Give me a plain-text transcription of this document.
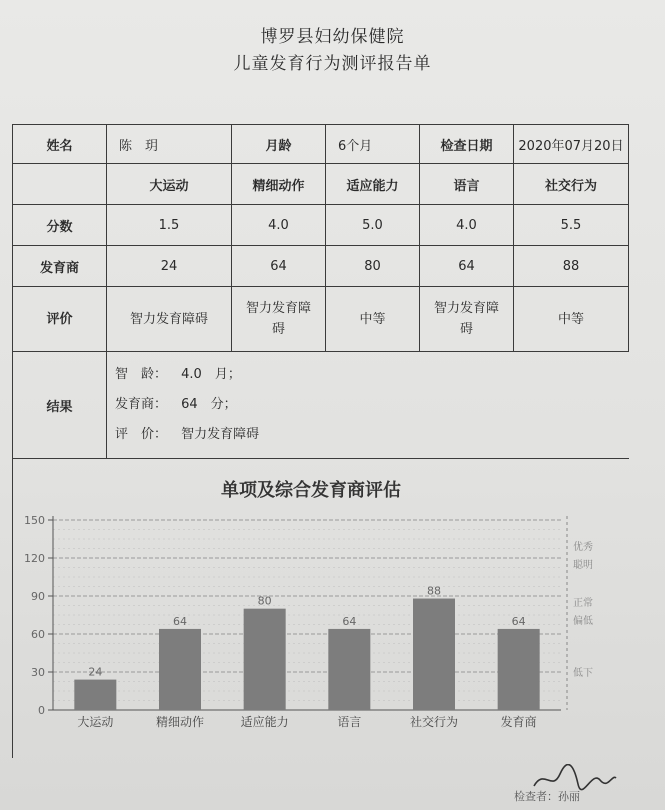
博罗县妇幼保健院
儿童发育行为测评报告单
姓名	陈　玥	月龄	6个月	检查日期	2020年07月20日
	大运动	精细动作	适应能力	语言	社交行为
分数	1.5	4.0	5.0	4.0	5.5
发育商	24	64	80	64	88
评价	智力发育障碍	智力发育障碍	中等	智力发育障碍	中等
结果	智　龄： 4.0　月；
发育商： 64　分；
评　价： 智力发育障碍				
单项及综合发育商评估
0
30
60
90
120
150
24
大运动
64
精细动作
80
适应能力
64
语言
88
社交行为
64
发育商
优秀
聪明
正常
偏低
低下
检查者：孙丽
